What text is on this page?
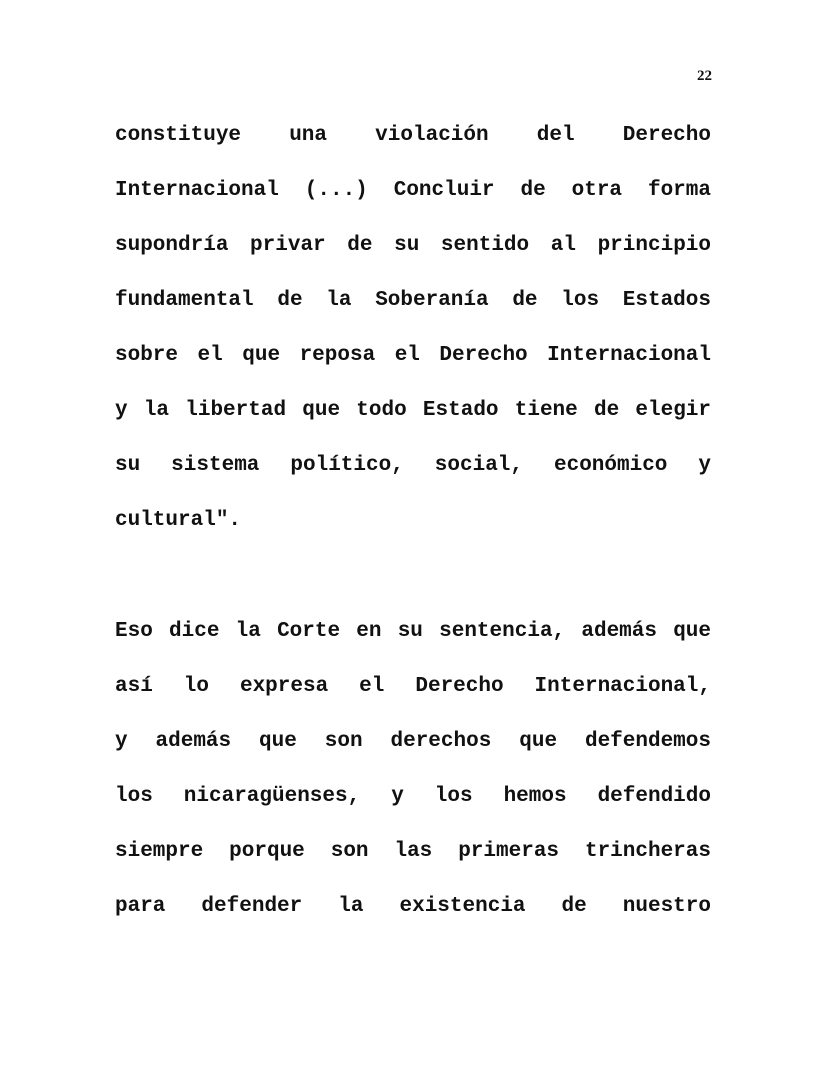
22
constituye una violación del Derecho
Internacional (...) Concluir de otra forma
supondría privar de su sentido al principio
fundamental de la Soberanía de los Estados
sobre el que reposa el Derecho Internacional
y la libertad que todo Estado tiene de elegir
su sistema político, social, económico y
cultural".
Eso dice la Corte en su sentencia, además que
así lo expresa el Derecho Internacional,
y además que son derechos que defendemos
los nicaragüenses, y los hemos defendido
siempre porque son las primeras trincheras
para defender la existencia de nuestro
